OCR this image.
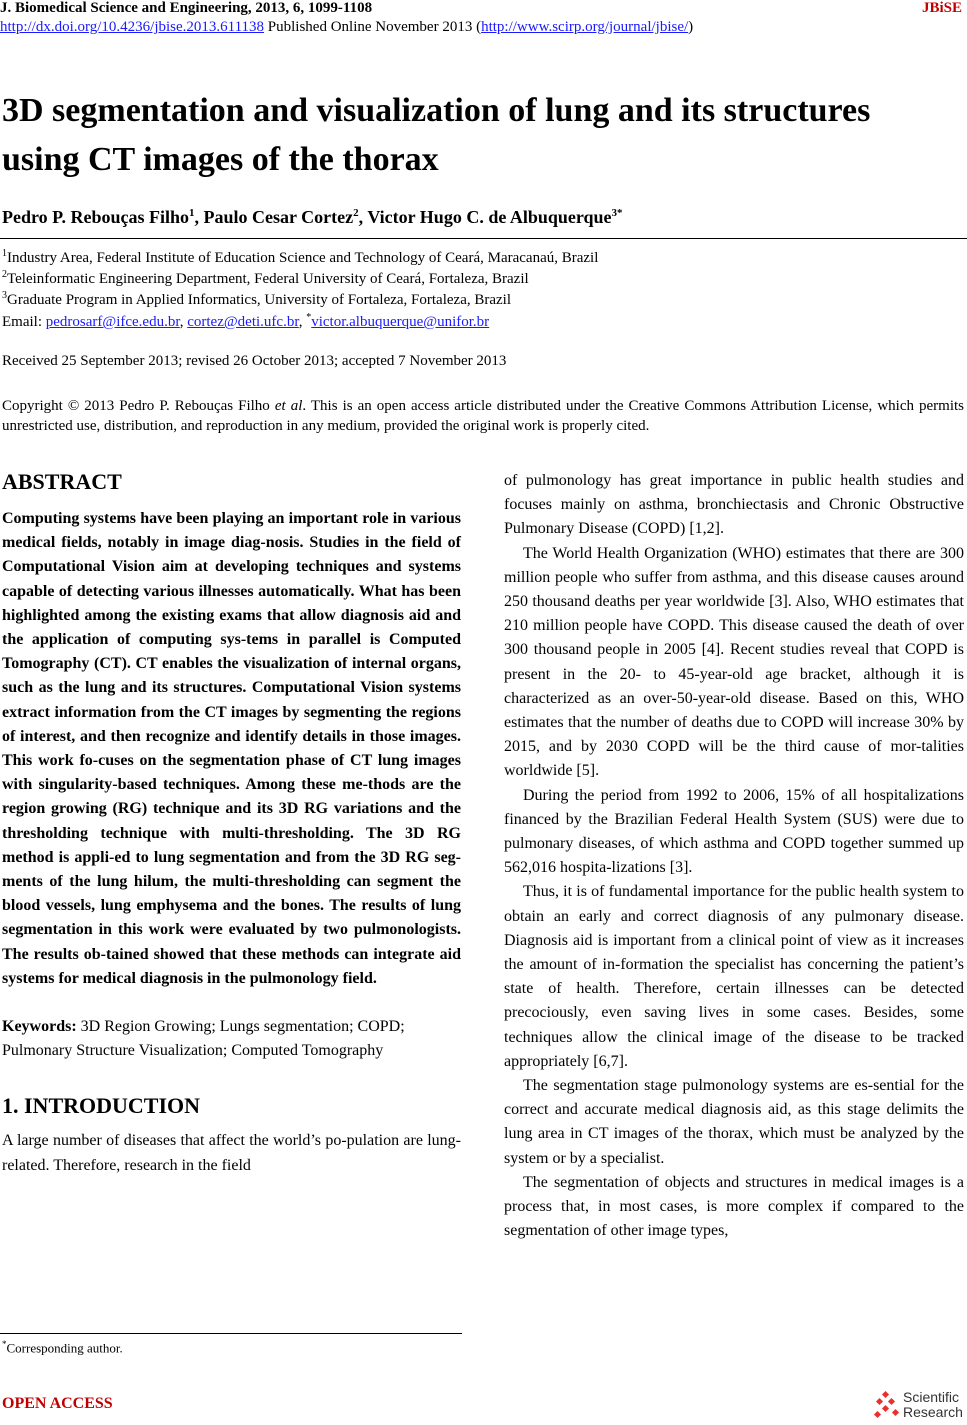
J. Biomedical Science and Engineering, 2013, 6, 1099-1108	JBiSE
http://dx.doi.org/10.4236/jbise.2013.611138 Published Online November 2013 (http://www.scirp.org/journal/jbise/)
3D segmentation and visualization of lung and its structures using CT images of the thorax
Pedro P. Rebouças Filho$^1$, Paulo Cesar Cortez$^2$, Victor Hugo C. de Albuquerque$^{3*}$
$^1$Industry Area, Federal Institute of Education Science and Technology of Ceará, Maracanaú, Brazil
$^2$Teleinformatic Engineering Department, Federal University of Ceará, Fortaleza, Brazil
$^3$Graduate Program in Applied Informatics, University of Fortaleza, Fortaleza, Brazil
Email: pedrosarf@ifce.edu.br, cortez@deti.ufc.br, *victor.albuquerque@unifor.br
Received 25 September 2013; revised 26 October 2013; accepted 7 November 2013
Copyright © 2013 Pedro P. Rebouças Filho et al. This is an open access article distributed under the Creative Commons Attribution License, which permits unrestricted use, distribution, and reproduction in any medium, provided the original work is properly cited.
ABSTRACT

Computing systems have been playing an important role in various medical fields, notably in image diag-nosis. Studies in the field of Computational Vision aim at developing techniques and systems capable of detecting various illnesses automatically. What has been highlighted among the existing exams that allow diagnosis aid and the application of computing sys-tems in parallel is Computed Tomography (CT). CT enables the visualization of internal organs, such as the lung and its structures. Computational Vision systems extract information from the CT images by segmenting the regions of interest, and then recognize and identify details in those images. This work fo-cuses on the segmentation phase of CT lung images with singularity-based techniques. Among these me-thods are the region growing (RG) technique and its 3D RG variations and the thresholding technique with multi-thresholding. The 3D RG method is appli-ed to lung segmentation and from the 3D RG seg-ments of the lung hilum, the multi-thresholding can segment the blood vessels, lung emphysema and the bones. The results of lung segmentation in this work were evaluated by two pulmonologists. The results ob-tained showed that these methods can integrate aid systems for medical diagnosis in the pulmonology field.

Keywords: 3D Region Growing; Lungs segmentation; COPD; Pulmonary Structure Visualization; Computed Tomography

1. INTRODUCTION

A large number of diseases that affect the world’s po-pulation are lung-related. Therefore, research in the field

of pulmonology has great importance in public health studies and focuses mainly on asthma, bronchiectasis and Chronic Obstructive Pulmonary Disease (COPD) [1,2].

The World Health Organization (WHO) estimates that there are 300 million people who suffer from asthma, and this disease causes around 250 thousand deaths per year worldwide [3]. Also, WHO estimates that 210 million people have COPD. This disease caused the death of over 300 thousand people in 2005 [4]. Recent studies reveal that COPD is present in the 20- to 45-year-old age bracket, although it is characterized as an over-50-year-old disease. Based on this, WHO estimates that the number of deaths due to COPD will increase 30% by 2015, and by 2030 COPD will be the third cause of mor-talities worldwide [5].

During the period from 1992 to 2006, 15% of all hospitalizations financed by the Brazilian Federal Health System (SUS) were due to pulmonary diseases, of which asthma and COPD together summed up 562,016 hospita-lizations [3].

Thus, it is of fundamental importance for the public health system to obtain an early and correct diagnosis of any pulmonary disease. Diagnosis aid is important from a clinical point of view as it increases the amount of in-formation the specialist has concerning the patient’s state of health. Therefore, certain illnesses can be detected precociously, even saving lives in some cases. Besides, some techniques allow the clinical image of the disease to be tracked appropriately [6,7].

The segmentation stage pulmonology systems are es-sential for the correct and accurate medical diagnosis aid, as this stage delimits the lung area in CT images of the thorax, which must be analyzed by the system or by a specialist.

The segmentation of objects and structures in medical images is a process that, in most cases, is more complex if compared to the segmentation of other image types,

*Corresponding author.
OPEN ACCESS	Scientific
Research
